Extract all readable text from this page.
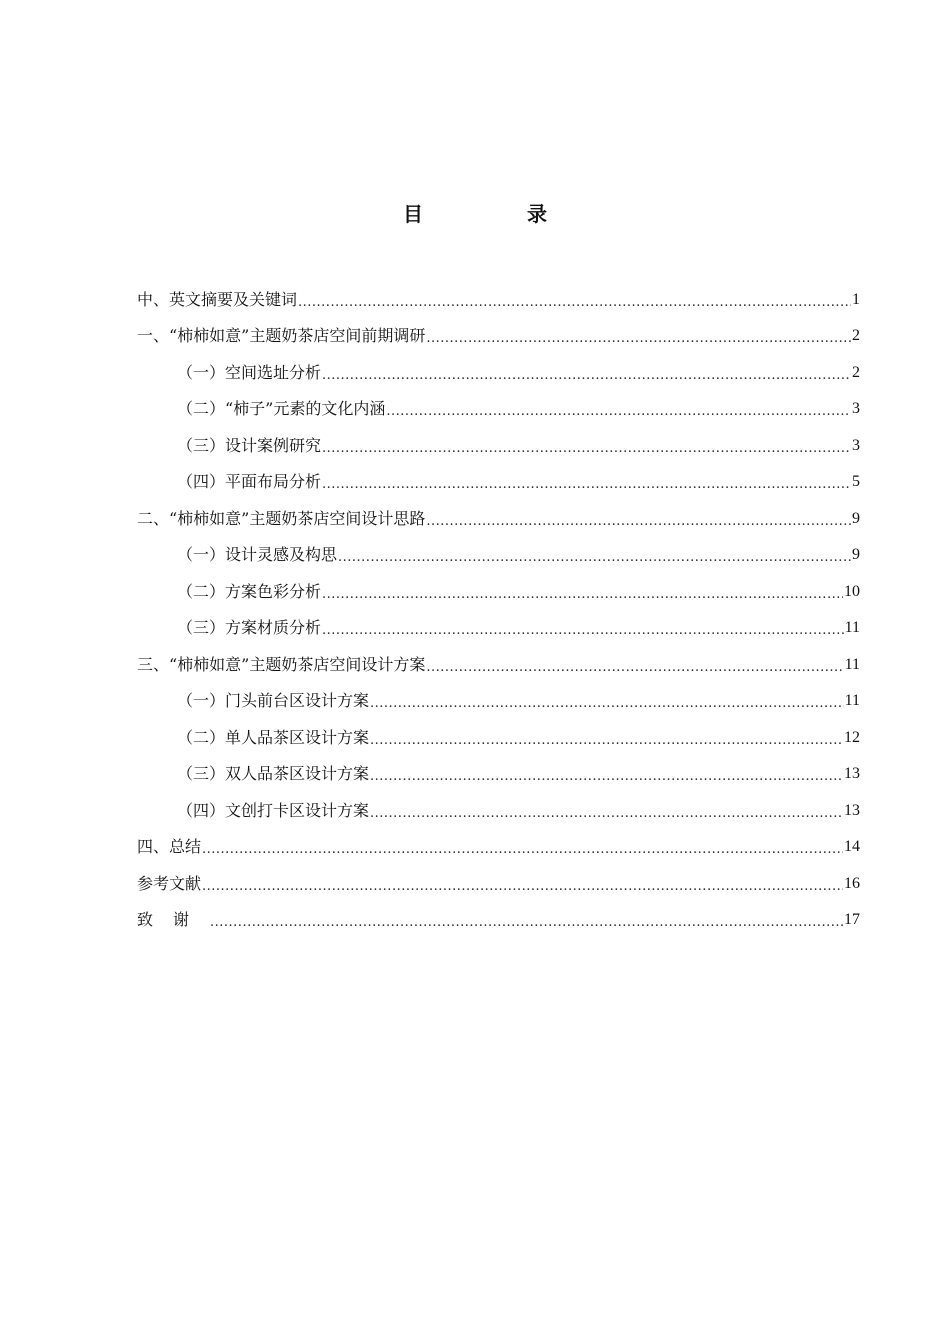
目　录
中、英文摘要及关键词 .....	1
一、“柿柿如意”主题奶茶店空间前期调研 .....	2
（一）空间选址分析 .....	2
（二）“柿子”元素的文化内涵 .....	3
（三）设计案例研究 .....	3
（四）平面布局分析 .....	5
二、“柿柿如意”主题奶茶店空间设计思路 .....	9
（一）设计灵感及构思 .....	9
（二）方案色彩分析 .....	10
（三）方案材质分析 .....	11
三、“柿柿如意”主题奶茶店空间设计方案 .....	11
（一）门头前台区设计方案 .....	11
（二）单人品茶区设计方案 .....	12
（三）双人品茶区设计方案 .....	13
（四）文创打卡区设计方案 .....	13
四、总结 .....	14
参考文献 .....	16
致谢 .....	17
